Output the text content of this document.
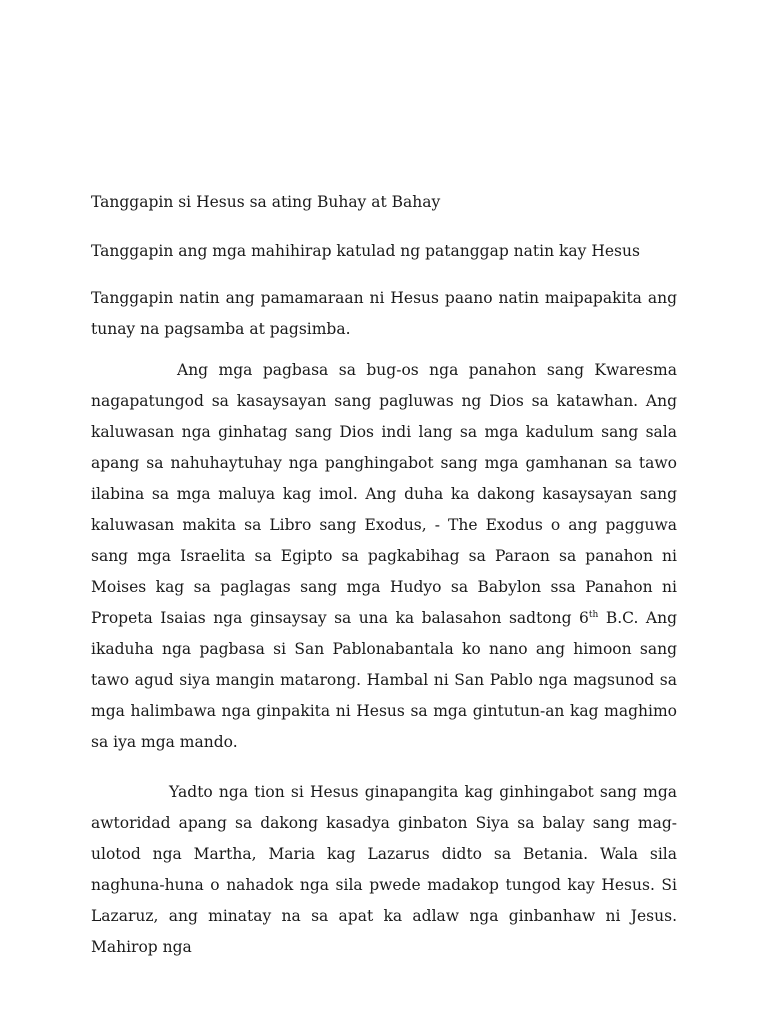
Tanggapin si Hesus sa ating Buhay at Bahay

Tanggapin ang mga mahihirap katulad ng patanggap natin kay Hesus

Tanggapin natin ang pamamaraan ni Hesus paano natin maipapakita ang tunay na pagsamba at pagsimba.

Ang mga pagbasa sa bug-os nga panahon sang Kwaresma nagapatungod sa kasaysayan sang pagluwas ng Dios sa katawhan. Ang kaluwasan nga ginhatag sang Dios indi lang sa mga kadulum sang sala apang sa nahuhaytuhay nga panghingabot sang mga gamhanan sa tawo ilabina sa mga maluya kag imol. Ang duha ka dakong kasaysayan sang kaluwasan makita sa Libro sang Exodus, - The Exodus o ang pagguwa sang mga Israelita sa Egipto sa pagkabihag sa Paraon sa panahon ni Moises kag sa paglagas sang mga Hudyo sa Babylon ssa Panahon ni Propeta Isaias nga ginsaysay sa una ka balasahon sadtong 6th B.C. Ang ikaduha nga pagbasa si San Pablonabantala ko nano ang himoon sang tawo agud siya mangin matarong. Hambal ni San Pablo nga magsunod sa mga halimbawa nga ginpakita ni Hesus sa mga gintutun-an kag maghimo sa iya mga mando.

Yadto nga tion si Hesus ginapangita kag ginhingabot sang mga awtoridad apang sa dakong kasadya ginbaton Siya sa balay sang mag-ulotod nga Martha, Maria kag Lazarus didto sa Betania. Wala sila naghuna-huna o nahadok nga sila pwede madakop tungod kay Hesus. Si Lazaruz, ang minatay na sa apat ka adlaw nga ginbanhaw ni Jesus. Mahirop nga
